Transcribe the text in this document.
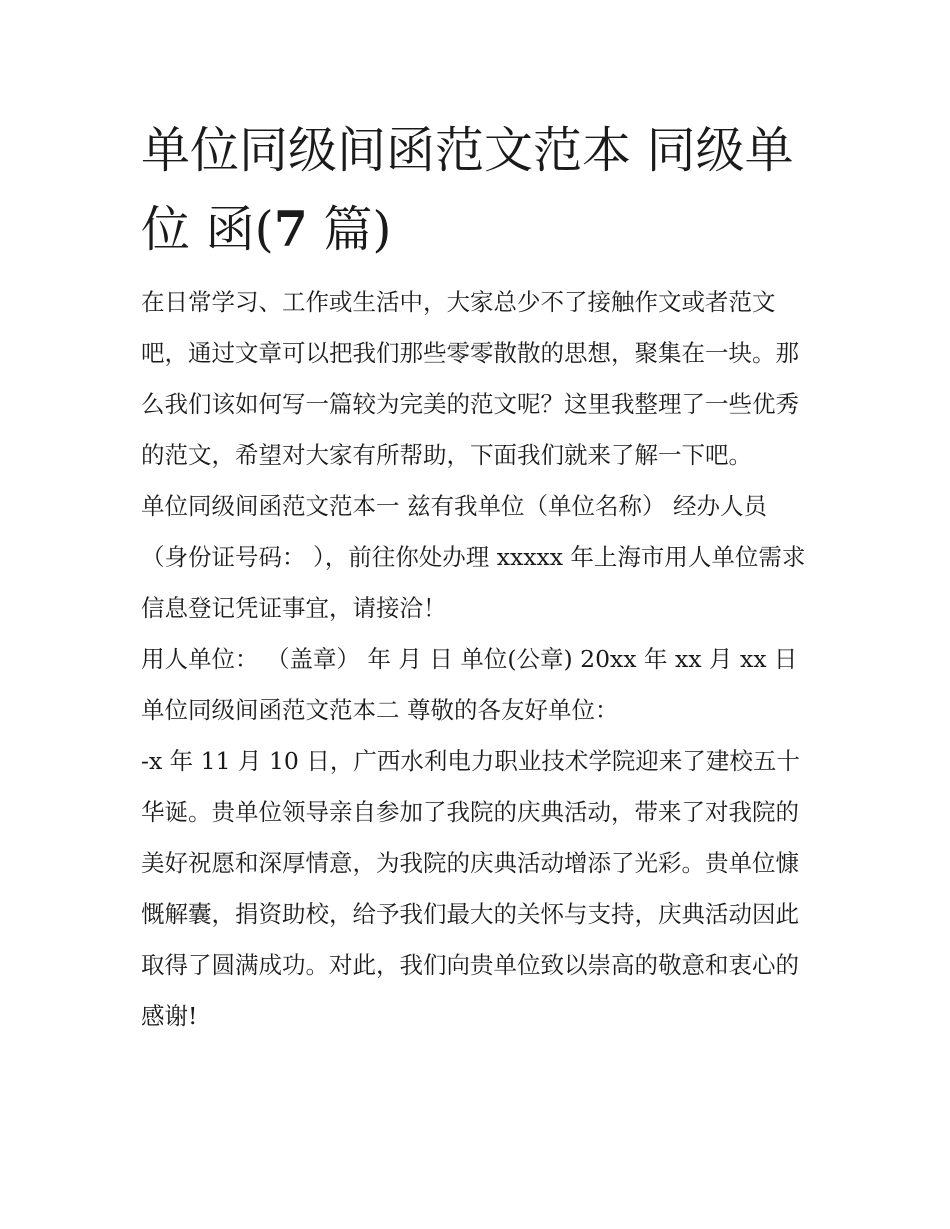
单位同级间函范文范本 同级单位 函(7 篇)

在日常学习、工作或生活中，大家总少不了接触作文或者范文吧，通过文章可以把我们那些零零散散的思想，聚集在一块。那么我们该如何写一篇较为完美的范文呢？这里我整理了一些优秀的范文，希望对大家有所帮助，下面我们就来了解一下吧。

单位同级间函范文范本一 兹有我单位（单位名称） 经办人员（身份证号码： ），前往你处办理 xxxxx 年上海市用人单位需求信息登记凭证事宜，请接洽！

用人单位： （盖章） 年 月 日 单位(公章) 20xx 年 xx 月 xx 日

单位同级间函范文范本二 尊敬的各友好单位：

-x 年 11 月 10 日，广西水利电力职业技术学院迎来了建校五十华诞。贵单位领导亲自参加了我院的庆典活动，带来了对我院的美好祝愿和深厚情意，为我院的庆典活动增添了光彩。贵单位慷慨解囊，捐资助校，给予我们最大的关怀与支持，庆典活动因此取得了圆满成功。对此，我们向贵单位致以崇高的敬意和衷心的感谢!
